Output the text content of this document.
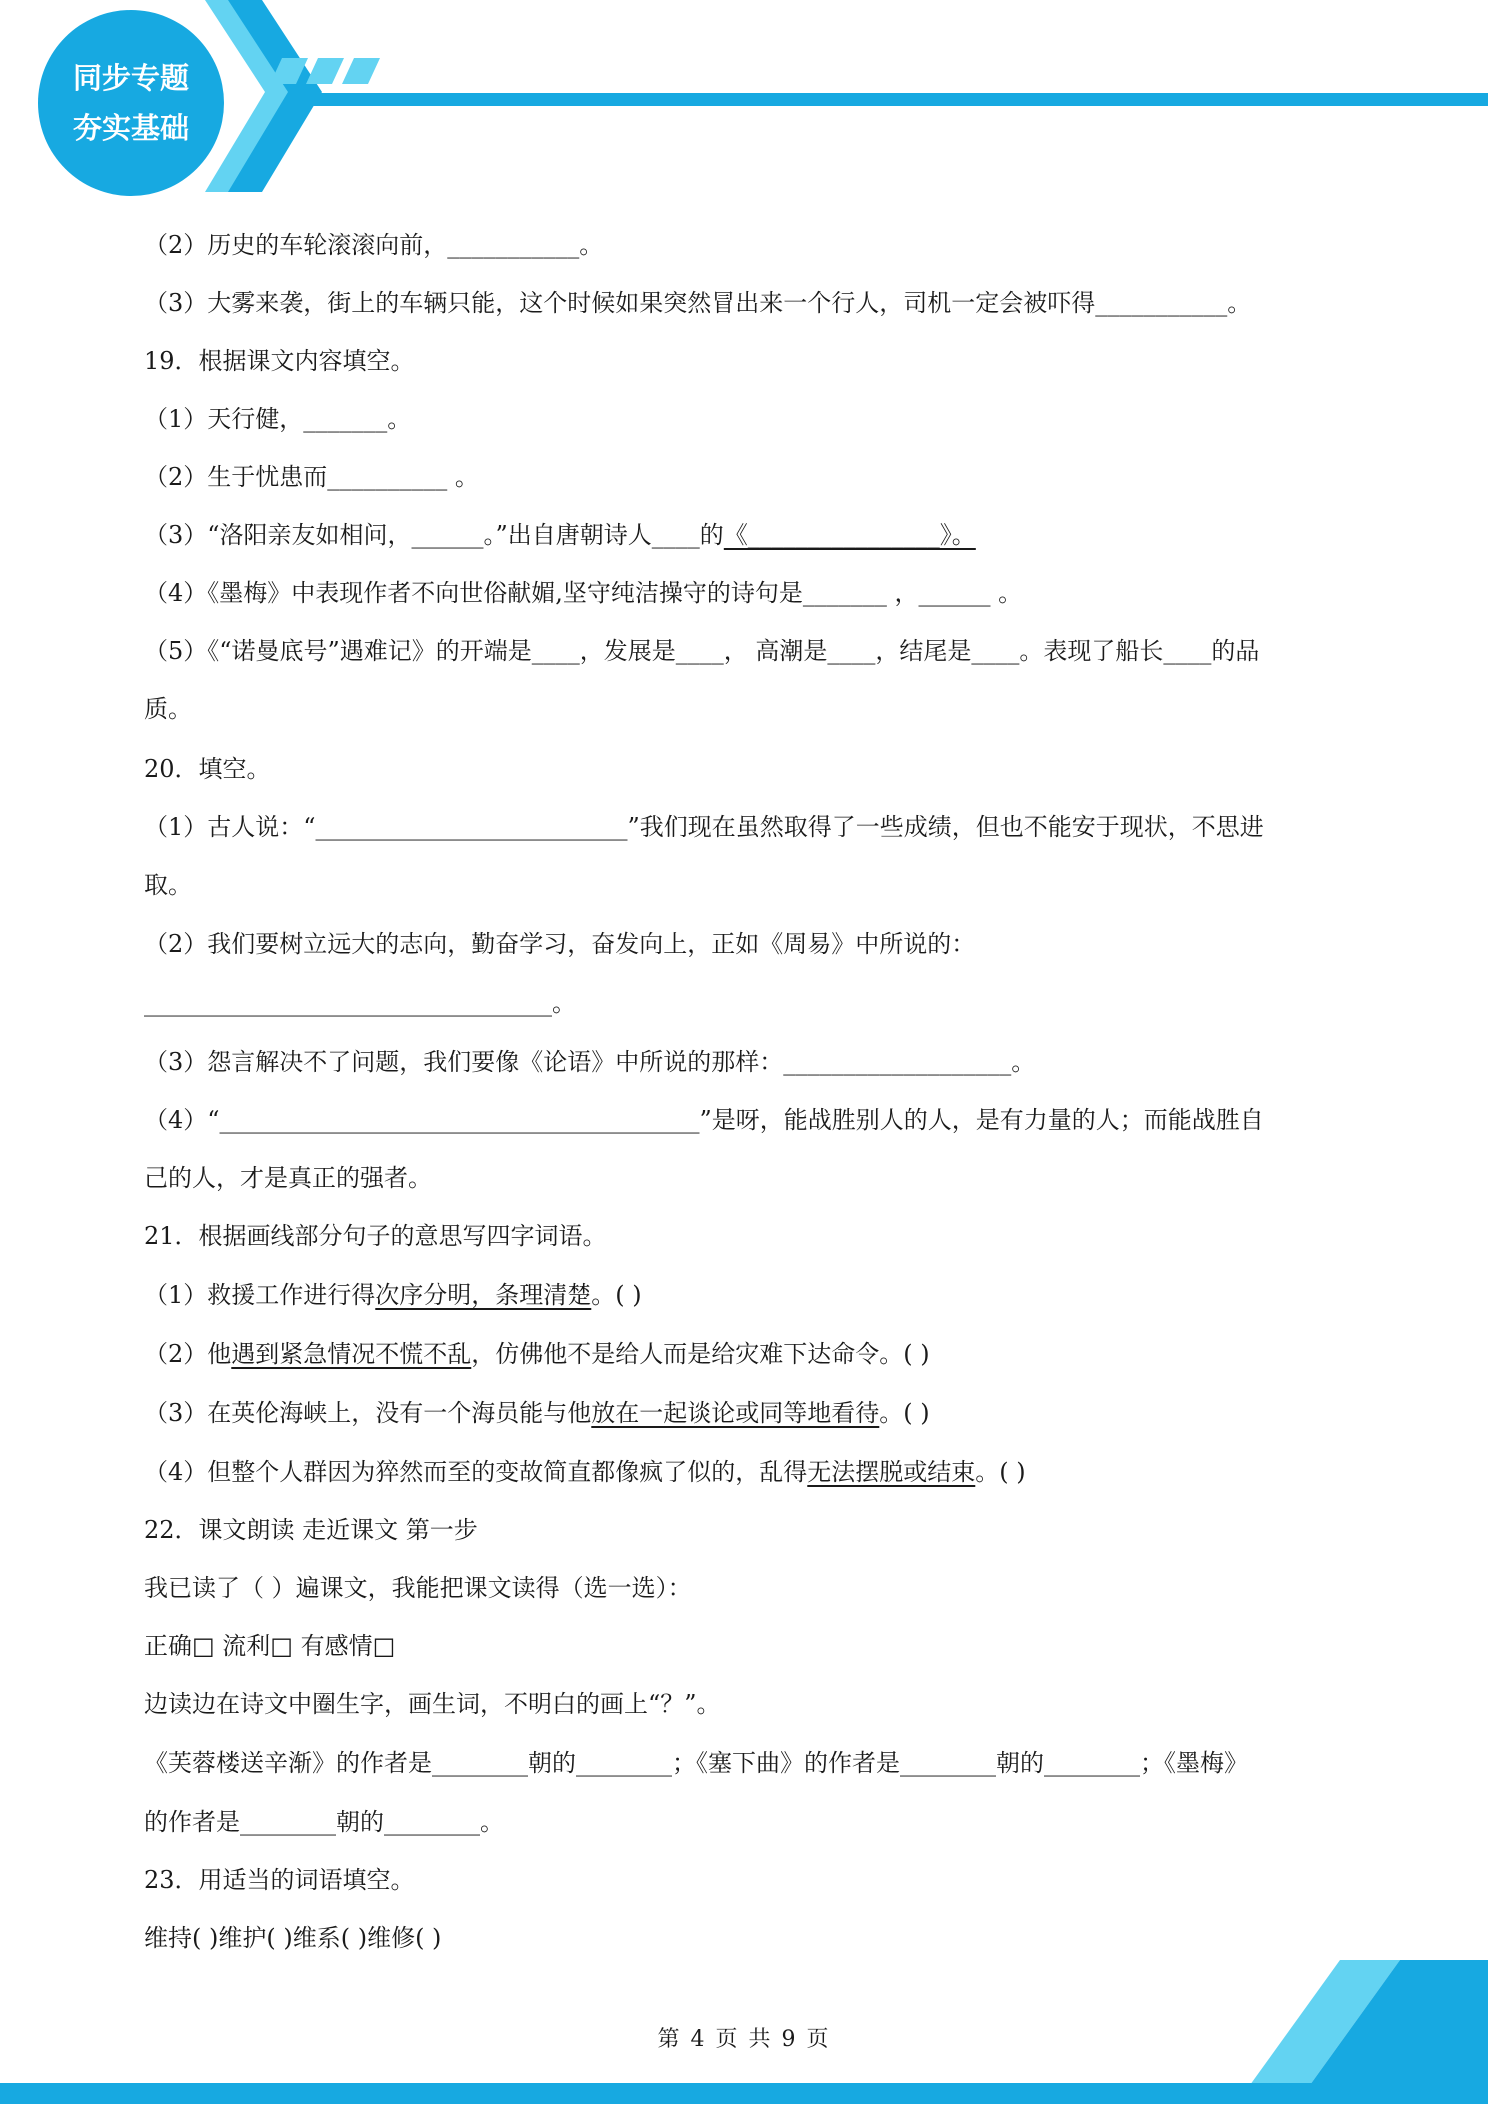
同步专题
夯实基础
（2）历史的车轮滚滚向前，___________。
（3）大雾来袭，街上的车辆只能，这个时候如果突然冒出来一个行人，司机一定会被吓得___________。
19．根据课文内容填空。
（1）天行健，_______。
（2）生于忧患而__________ 。
（3）“洛阳亲友如相问，______。”出自唐朝诗人____的《________________》。
（4）《墨梅》中表现作者不向世俗献媚,坚守纯洁操守的诗句是_______ ，______ 。
（5）《“诺曼底号”遇难记》的开端是____，发展是____， 高潮是____，结尾是____。表现了船长____的品
质。
20．填空。
（1）古人说：“__________________________”我们现在虽然取得了一些成绩，但也不能安于现状，不思进
取。
（2）我们要树立远大的志向，勤奋学习，奋发向上，正如《周易》中所说的：
__________________________________。
（3）怨言解决不了问题，我们要像《论语》中所说的那样：___________________。
（4）“________________________________________”是呀，能战胜别人的人，是有力量的人；而能战胜自
己的人，才是真正的强者。
21．根据画线部分句子的意思写四字词语。
（1）救援工作进行得次序分明，条理清楚。( )
（2）他遇到紧急情况不慌不乱，仿佛他不是给人而是给灾难下达命令。( )
（3）在英伦海峡上，没有一个海员能与他放在一起谈论或同等地看待。( )
（4）但整个人群因为猝然而至的变故简直都像疯了似的，乱得无法摆脱或结束。( )
22．课文朗读 走近课文 第一步
我已读了（ ）遍课文，我能把课文读得（选一选）：
正确□ 流利□ 有感情□
边读边在诗文中圈生字，画生词，不明白的画上“？”。
《芙蓉楼送辛渐》的作者是________朝的________；《塞下曲》的作者是________朝的________；《墨梅》
的作者是________朝的________。
23．用适当的词语填空。
维持( )维护( )维系( )维修( )
第 4 页 共 9 页
